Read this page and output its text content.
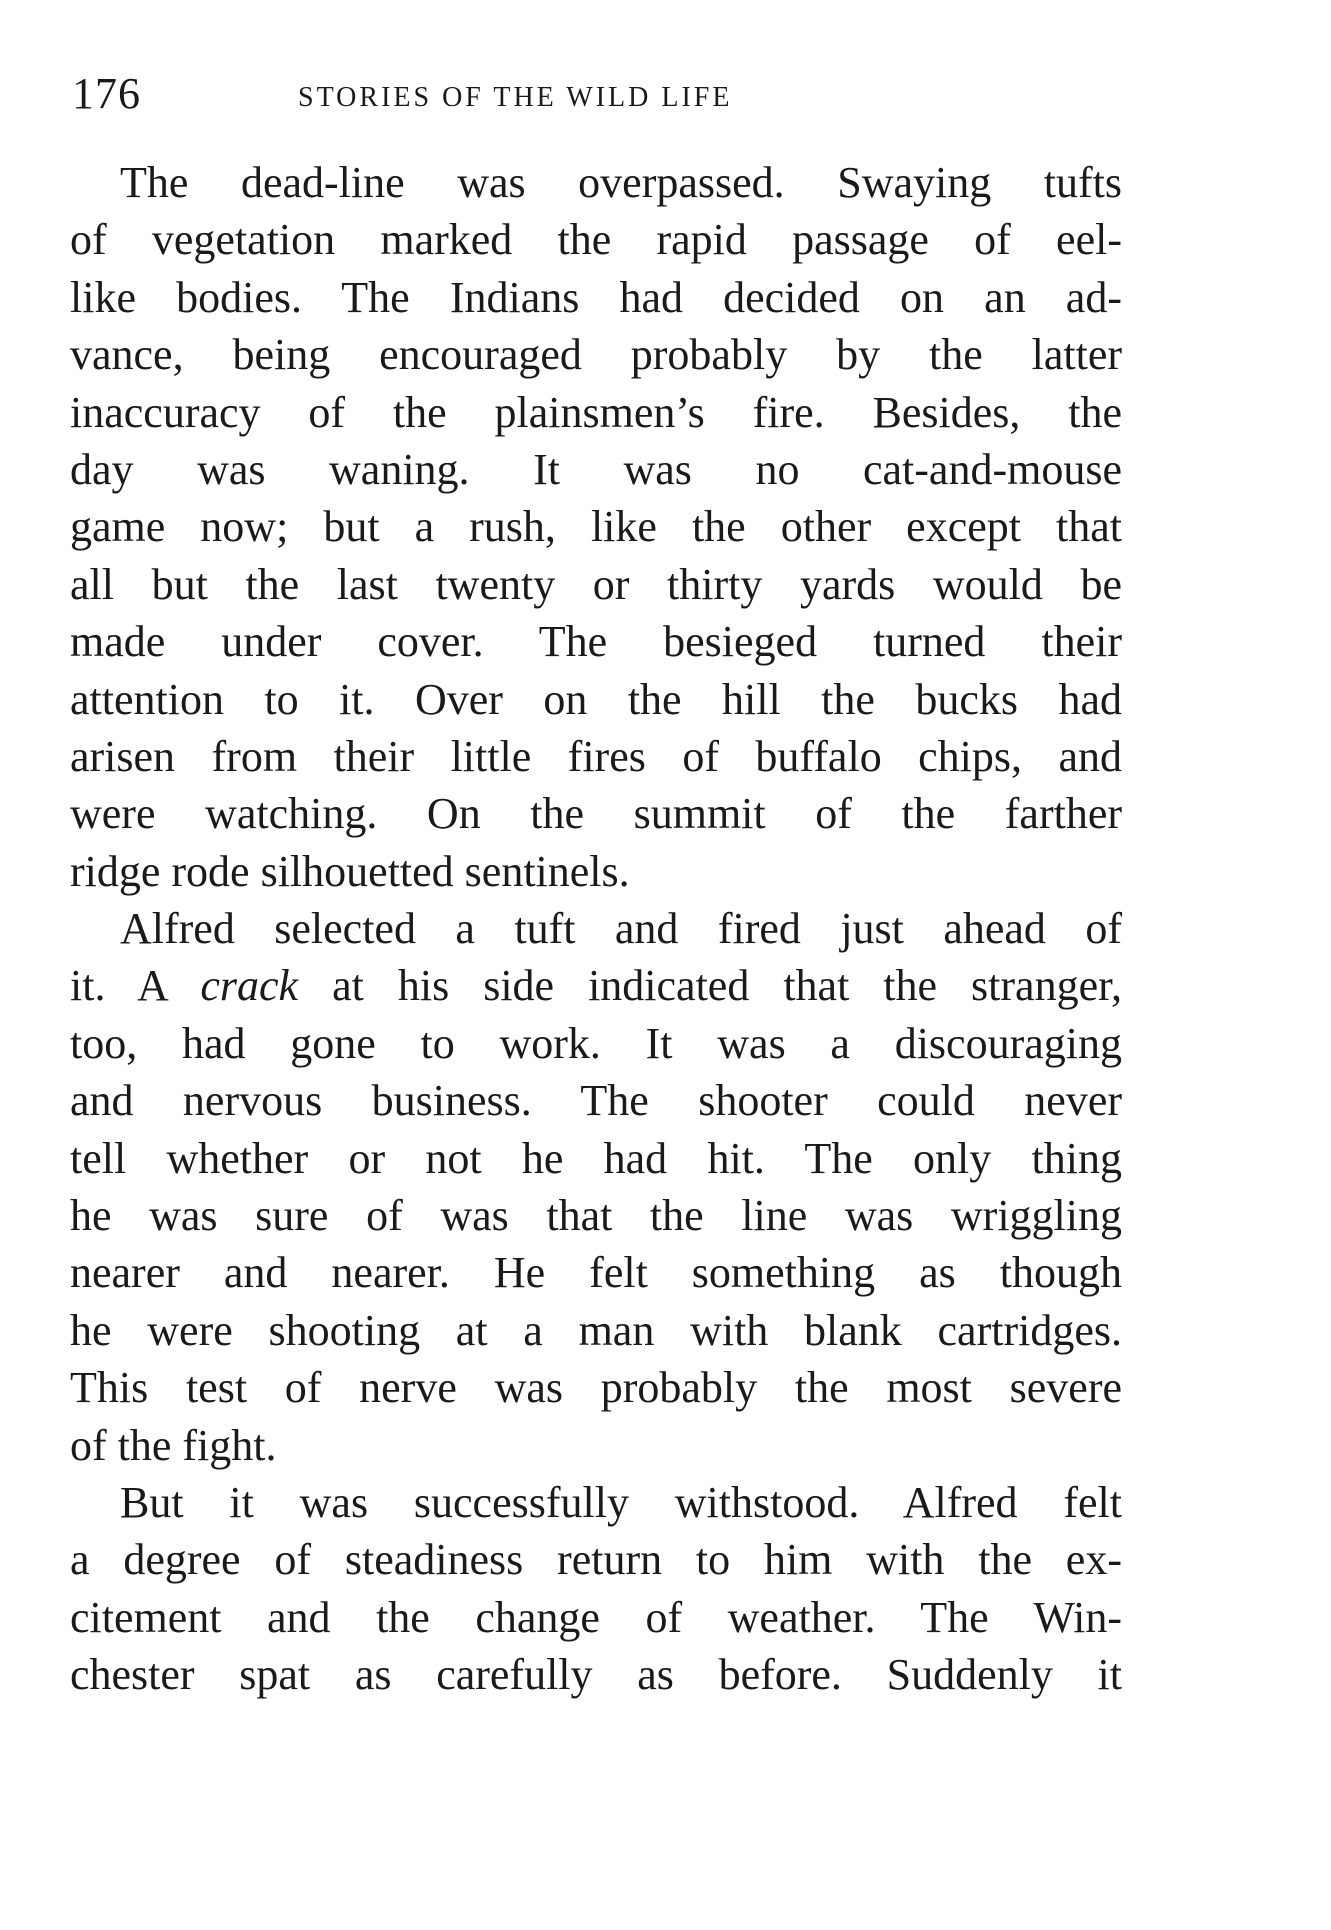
176	STORIES OF THE WILD LIFE
The dead-line was overpassed. Swaying tufts
of vegetation marked the rapid passage of eel-
like bodies. The Indians had decided on an ad-
vance, being encouraged probably by the latter
inaccuracy of the plainsmen’s fire. Besides, the
day was waning. It was no cat-and-mouse
game now; but a rush, like the other except that
all but the last twenty or thirty yards would be
made under cover. The besieged turned their
attention to it. Over on the hill the bucks had
arisen from their little fires of buffalo chips, and
were watching. On the summit of the farther
ridge rode silhouetted sentinels.
Alfred selected a tuft and fired just ahead of
it. A crack at his side indicated that the stranger,
too, had gone to work. It was a discouraging
and nervous business. The shooter could never
tell whether or not he had hit. The only thing
he was sure of was that the line was wriggling
nearer and nearer. He felt something as though
he were shooting at a man with blank cartridges.
This test of nerve was probably the most severe
of the fight.
But it was successfully withstood. Alfred felt
a degree of steadiness return to him with the ex-
citement and the change of weather. The Win-
chester spat as carefully as before. Suddenly it
